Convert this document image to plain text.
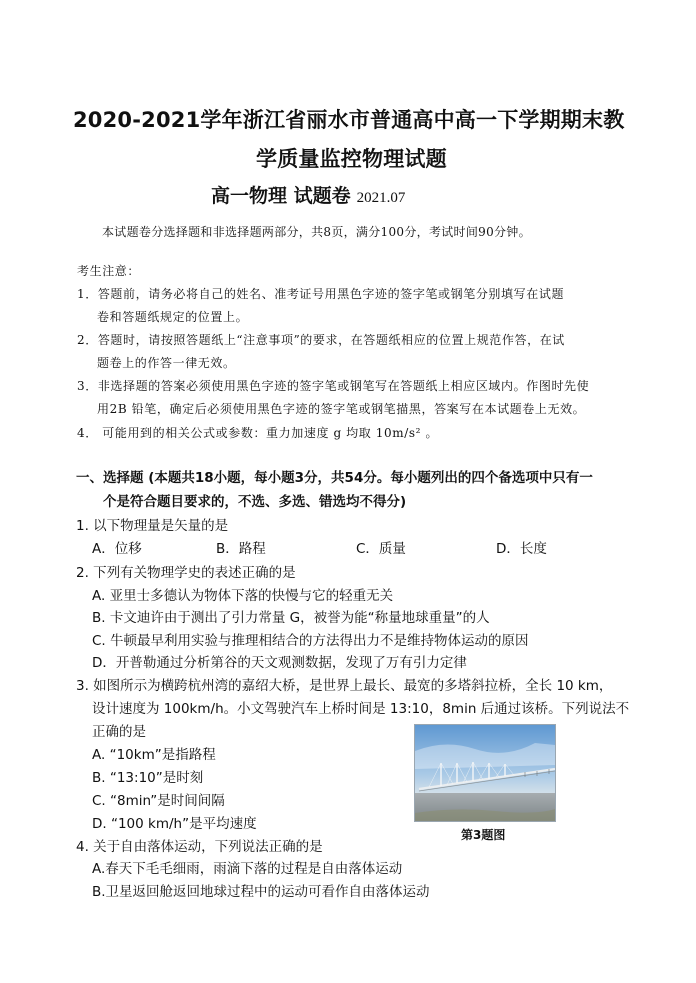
2020-2021学年浙江省丽水市普通高中高一下学期期末教
学质量监控物理试题
高一物理 试题卷 2021.07
本试题卷分选择题和非选择题两部分，共8页，满分100分，考试时间90分钟。
考生注意：
1．答题前，请务必将自己的姓名、准考证号用黑色字迹的签字笔或钢笔分别填写在试题
卷和答题纸规定的位置上。
2．答题时，请按照答题纸上“注意事项”的要求，在答题纸相应的位置上规范作答，在试
题卷上的作答一律无效。
3．非选择题的答案必须使用黑色字迹的签字笔或钢笔写在答题纸上相应区域内。作图时先使
用2B 铅笔，确定后必须使用黑色字迹的签字笔或钢笔描黑，答案写在本试题卷上无效。
4． 可能用到的相关公式或参数：重力加速度 g 均取 10m/s² 。
一、选择题 (本题共18小题，每小题3分，共54分。每小题列出的四个备选项中只有一
个是符合题目要求的，不选、多选、错选均不得分)
1. 以下物理量是矢量的是
A．位移	B．路程	C．质量	D．长度
2. 下列有关物理学史的表述正确的是
A. 亚里士多德认为物体下落的快慢与它的轻重无关
B. 卡文迪许由于测出了引力常量 G，被誉为能“称量地球重量”的人
C. 牛顿最早利用实验与推理相结合的方法得出力不是维持物体运动的原因
D．开普勒通过分析第谷的天文观测数据，发现了万有引力定律
3. 如图所示为横跨杭州湾的嘉绍大桥，是世界上最长、最宽的多塔斜拉桥，全长 10 km，
设计速度为 100km/h。小文驾驶汽车上桥时间是 13:10，8min 后通过该桥。下列说法不
正确的是
A. “10km”是指路程
B. “13:10”是时刻
C. “8min”是时间间隔
D. “100 km/h”是平均速度
第3题图
4. 关于自由落体运动，下列说法正确的是
A.春天下毛毛细雨，雨滴下落的过程是自由落体运动
B.卫星返回舱返回地球过程中的运动可看作自由落体运动
